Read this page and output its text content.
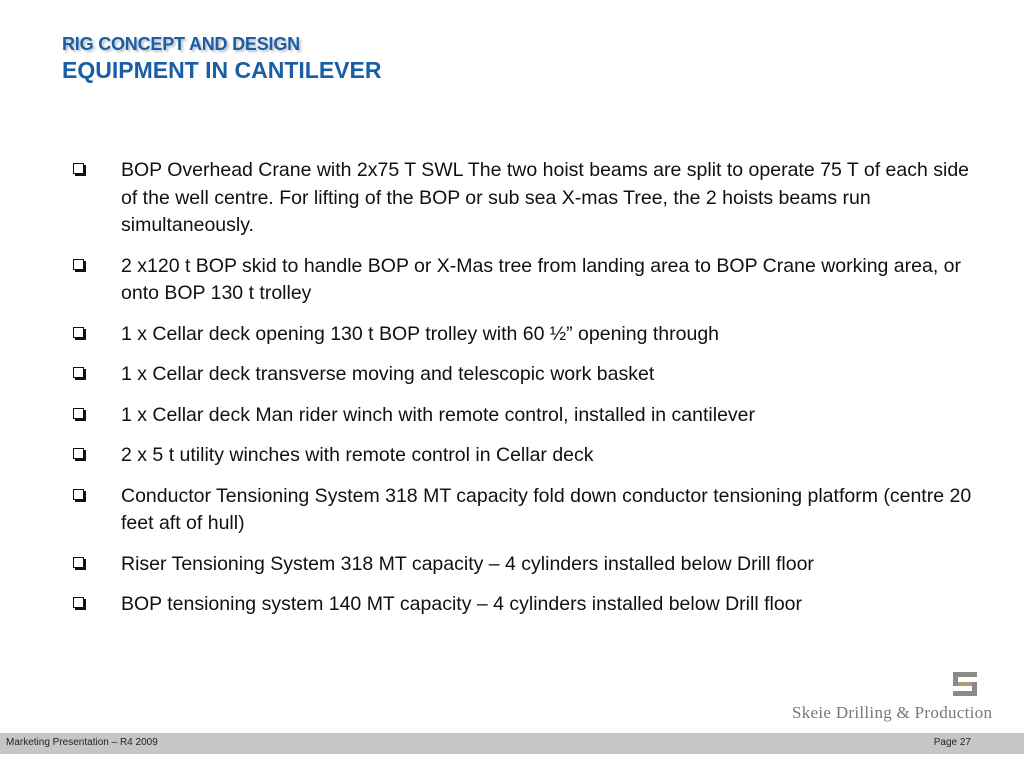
RIG CONCEPT AND DESIGN
EQUIPMENT IN CANTILEVER
BOP Overhead Crane with 2x75 T SWL The two hoist beams are split to operate 75 T of each side of the well centre. For lifting of the BOP or sub sea X-mas Tree, the 2 hoists beams run simultaneously.
2 x120 t BOP skid to handle BOP or X-Mas tree from landing area to BOP Crane working area, or onto BOP 130 t trolley
1 x Cellar deck opening 130 t BOP trolley with 60 ½” opening through
1 x Cellar deck transverse moving and telescopic work basket
1 x Cellar deck Man rider winch with remote control, installed in cantilever
2 x 5 t utility winches with remote control in Cellar deck
Conductor Tensioning System 318 MT capacity fold down conductor tensioning platform (centre 20 feet aft of hull)
Riser Tensioning System 318 MT capacity – 4 cylinders installed below Drill floor
BOP tensioning system 140 MT capacity – 4 cylinders installed below Drill floor
Skeie Drilling & Production
Marketing Presentation – R4 2009	Page 27
